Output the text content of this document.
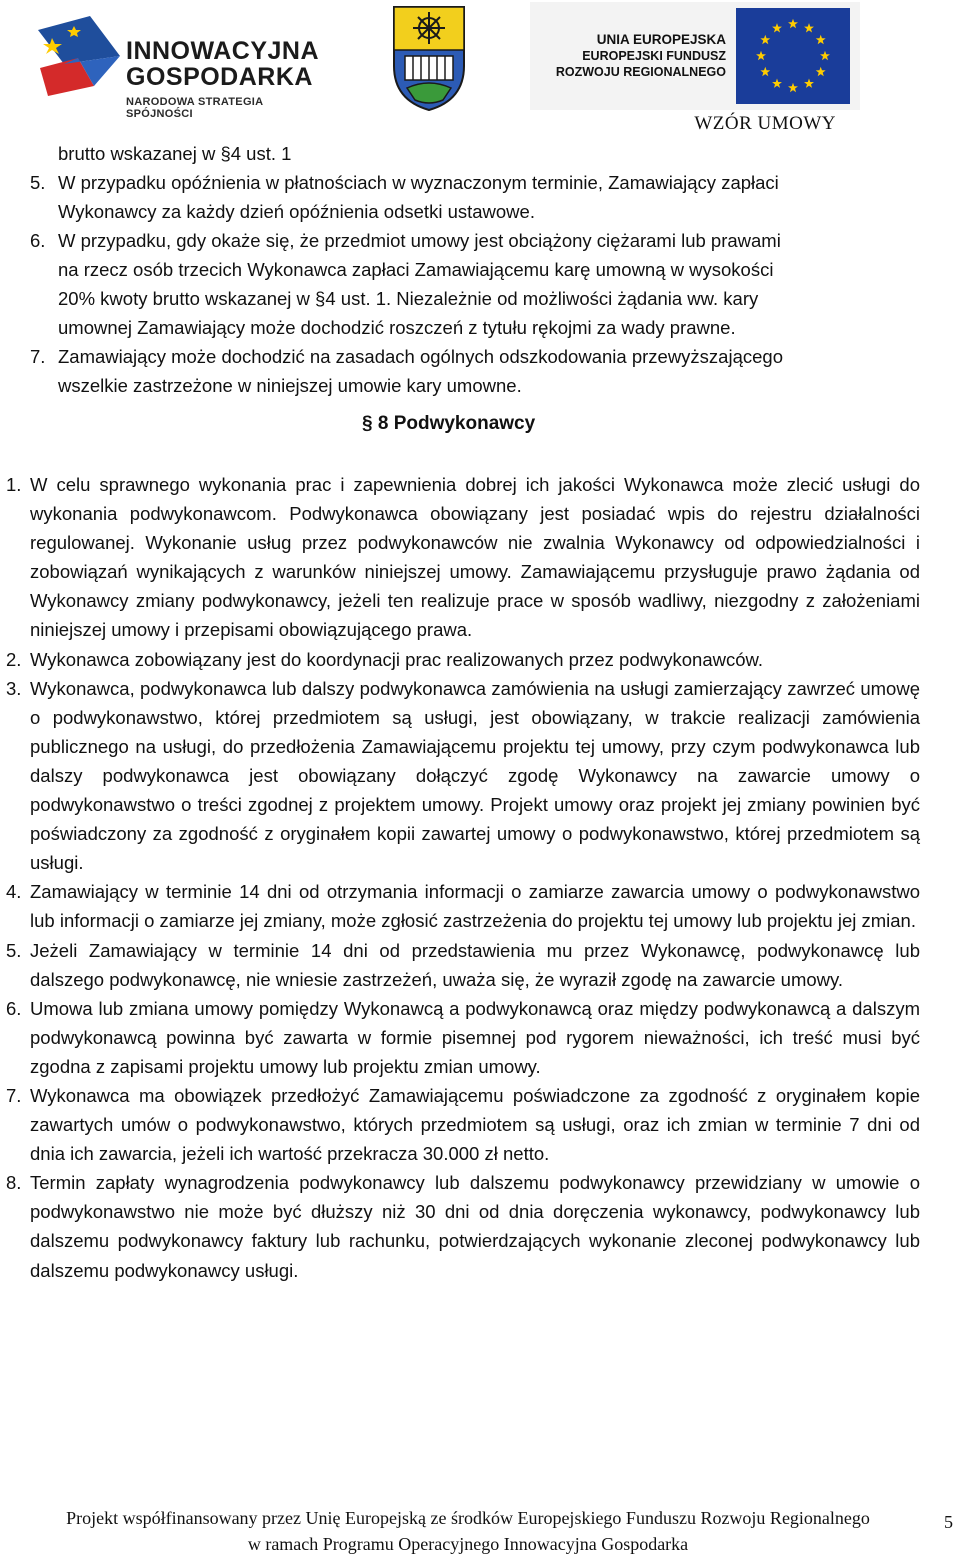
INNOWACYJNA
GOSPODARKA
NARODOWA STRATEGIA SPÓJNOŚCI
UNIA EUROPEJSKA
EUROPEJSKI FUNDUSZ
ROZWOJU REGIONALNEGO
WZÓR UMOWY
brutto wskazanej w §4 ust. 1
5. W przypadku opóźnienia w płatnościach w wyznaczonym terminie, Zamawiający zapłaci
Wykonawcy za każdy dzień opóźnienia odsetki ustawowe.
6. W przypadku, gdy okaże się, że przedmiot umowy jest obciążony ciężarami lub prawami
na rzecz osób trzecich Wykonawca zapłaci Zamawiającemu karę umowną w wysokości
20% kwoty brutto wskazanej w §4 ust. 1. Niezależnie od możliwości żądania ww. kary
umownej Zamawiający może dochodzić roszczeń z tytułu rękojmi za wady prawne.
7. Zamawiający może dochodzić na zasadach ogólnych odszkodowania przewyższającego
wszelkie zastrzeżone w niniejszej umowie kary umowne.
§ 8 Podwykonawcy
1. W celu sprawnego wykonania prac i zapewnienia dobrej ich jakości Wykonawca może zlecić usługi do wykonania podwykonawcom. Podwykonawca obowiązany jest posiadać wpis do rejestru działalności regulowanej. Wykonanie usług przez podwykonawców nie zwalnia Wykonawcy od odpowiedzialności i zobowiązań wynikających z warunków niniejszej umowy. Zamawiającemu przysługuje prawo żądania od Wykonawcy zmiany podwykonawcy, jeżeli ten realizuje prace w sposób wadliwy, niezgodny z założeniami niniejszej umowy i przepisami obowiązującego prawa.
2. Wykonawca zobowiązany jest do koordynacji prac realizowanych przez podwykonawców.
3. Wykonawca, podwykonawca lub dalszy podwykonawca zamówienia na usługi zamierzający zawrzeć umowę o podwykonawstwo, której przedmiotem są usługi, jest obowiązany, w trakcie realizacji zamówienia publicznego na usługi, do przedłożenia Zamawiającemu projektu tej umowy, przy czym podwykonawca lub dalszy podwykonawca jest obowiązany dołączyć zgodę Wykonawcy na zawarcie umowy o podwykonawstwo o treści zgodnej z projektem umowy. Projekt umowy oraz projekt jej zmiany powinien być poświadczony za zgodność z oryginałem kopii zawartej umowy o podwykonawstwo, której przedmiotem są usługi.
4. Zamawiający w terminie 14 dni od otrzymania informacji o zamiarze zawarcia umowy o podwykonawstwo lub informacji o zamiarze jej zmiany, może zgłosić zastrzeżenia do projektu tej umowy lub projektu jej zmian.
5. Jeżeli Zamawiający w terminie 14 dni od przedstawienia mu przez Wykonawcę, podwykonawcę lub dalszego podwykonawcę, nie wniesie zastrzeżeń, uważa się, że wyraził zgodę na zawarcie umowy.
6. Umowa lub zmiana umowy pomiędzy Wykonawcą a podwykonawcą oraz między podwykonawcą a dalszym podwykonawcą powinna być zawarta w formie pisemnej pod rygorem nieważności, ich treść musi być zgodna z zapisami projektu umowy lub projektu zmian umowy.
7. Wykonawca ma obowiązek przedłożyć Zamawiającemu poświadczone za zgodność z oryginałem kopie zawartych umów o podwykonawstwo, których przedmiotem są usługi, oraz ich zmian w terminie 7 dni od dnia ich zawarcia, jeżeli ich wartość przekracza 30.000 zł netto.
8. Termin zapłaty wynagrodzenia podwykonawcy lub dalszemu podwykonawcy przewidziany w umowie o podwykonawstwo nie może być dłuższy niż 30 dni od dnia doręczenia wykonawcy, podwykonawcy lub dalszemu podwykonawcy faktury lub rachunku, potwierdzających wykonanie zleconej podwykonawcy lub dalszemu podwykonawcy usługi.
Projekt współfinansowany przez Unię Europejską ze środków Europejskiego Funduszu Rozwoju Regionalnego
w ramach Programu Operacyjnego Innowacyjna Gospodarka
5
